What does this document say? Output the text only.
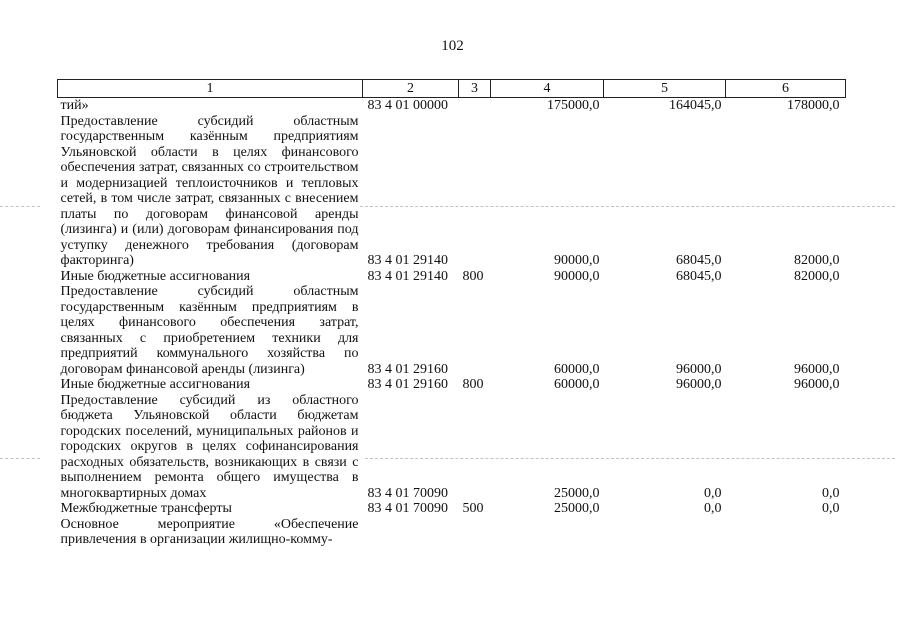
102
1	2	3	4	5	6
тий»	83 4 01 00000		175000,0	164045,0	178000,0
Предоставление субсидий областным государственным казённым предприятиям Ульяновской области в целях финансового обеспечения затрат, связанных со строительством и модернизацией теплоисточников и тепловых сетей, в том числе затрат, связанных с внесением платы по договорам финансовой аренды (лизинга) и (или) договорам финансирования под уступку денежного требования (договорам факторинга)	83 4 01 29140		90000,0	68045,0	82000,0
Иные бюджетные ассигнования	83 4 01 29140	800	90000,0	68045,0	82000,0
Предоставление субсидий областным государственным казённым предприятиям в целях финансового обеспечения затрат, связанных с приобретением техники для предприятий коммунального хозяйства по договорам финансовой аренды (лизинга)	83 4 01 29160		60000,0	96000,0	96000,0
Иные бюджетные ассигнования	83 4 01 29160	800	60000,0	96000,0	96000,0
Предоставление субсидий из областного бюджета Ульяновской области бюджетам городских поселений, муниципальных районов и городских округов в целях софинансирования расходных обязательств, возникающих в связи с выполнением ремонта общего имущества в многоквартирных домах	83 4 01 70090		25000,0	0,0	0,0
Межбюджетные трансферты	83 4 01 70090	500	25000,0	0,0	0,0
Основное мероприятие «Обеспечение привлечения в организации жилищно-комму-					
